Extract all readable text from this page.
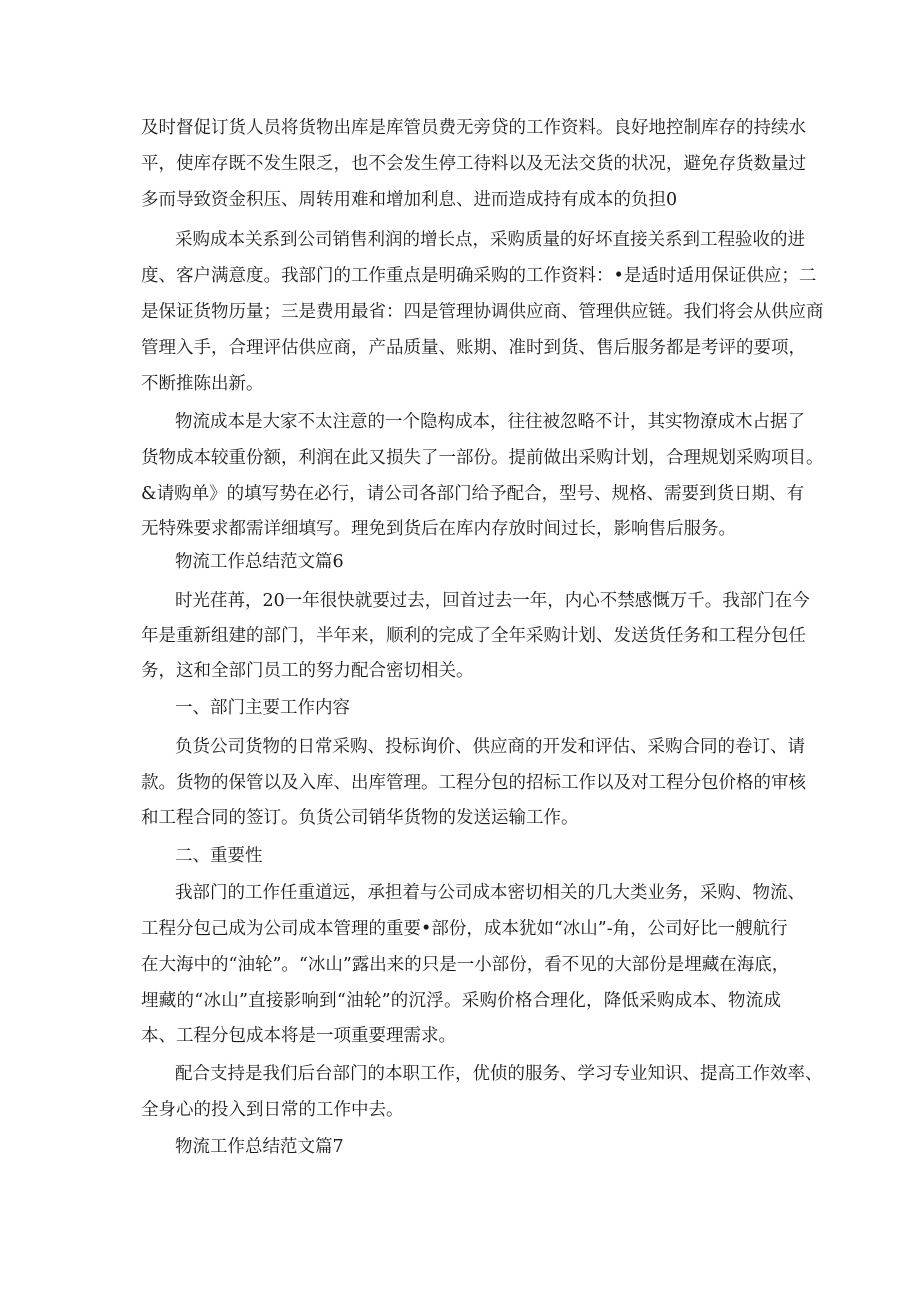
及时督促订货人员将货物出库是库管员费无旁贷的工作资料。良好地控制库存的持续水
平，使库存既不发生限乏，也不会发生停工待料以及无法交货的状况，避免存货数量过
多而导致资金积压、周转用难和增加利息、进而造成持有成本的负担0
采购成本关系到公司销售利润的增长点，采购质量的好坏直接关系到工程验收的进
度、客户满意度。我部门的工作重点是明确采购的工作资料：•是适时适用保证供应；二
是保证货物历量；三是费用最省：四是管理协调供应商、管理供应链。我们将会从供应商
管理入手，合理评估供应商，产品质量、账期、准时到货、售后服务都是考评的要项，
不断推陈出新。
物流成本是大家不太注意的一个隐构成本，往往被忽略不计，其实物潦成木占据了
货物成本较重份额，利润在此又损失了一部份。提前做出采购计划，合理规划采购项目。
&请购单》的填写势在必行，请公司各部门给予配合，型号、规格、需要到货日期、有
无特殊要求都需详细填写。理免到货后在库内存放时间过长，影响售后服务。
物流工作总结范文篇6
时光荏苒，20一年很快就要过去，回首过去一年，内心不禁感慨万千。我部门在今
年是重新组建的部门，半年来，顺利的完成了全年采购计划、发送货任务和工程分包任
务，这和全部门员工的努力配合密切相关。
一、部门主要工作内容
负货公司货物的日常采购、投标询价、供应商的开发和评估、采购合同的卷订、请
款。货物的保管以及入库、出库管理。工程分包的招标工作以及对工程分包价格的审核
和工程合同的签订。负货公司销华货物的发送运输工作。
二、重要性
我部门的工作任重道远，承担着与公司成本密切相关的几大类业务，采购、物流、
工程分包己成为公司成本管理的重要•部份，成本犹如“冰山”-角，公司好比一艘航行
在大海中的“油轮”。“冰山”露出来的只是一小部份，看不见的大部份是埋藏在海底，
埋藏的“冰山”直接影响到“油轮”的沉浮。采购价格合理化，降低采购成本、物流成
本、工程分包成本将是一项重要理需求。
配合支持是我们后台部门的本职工作，优侦的服务、学习专业知识、提高工作效率、
全身心的投入到日常的工作中去。
物流工作总结范文篇7
